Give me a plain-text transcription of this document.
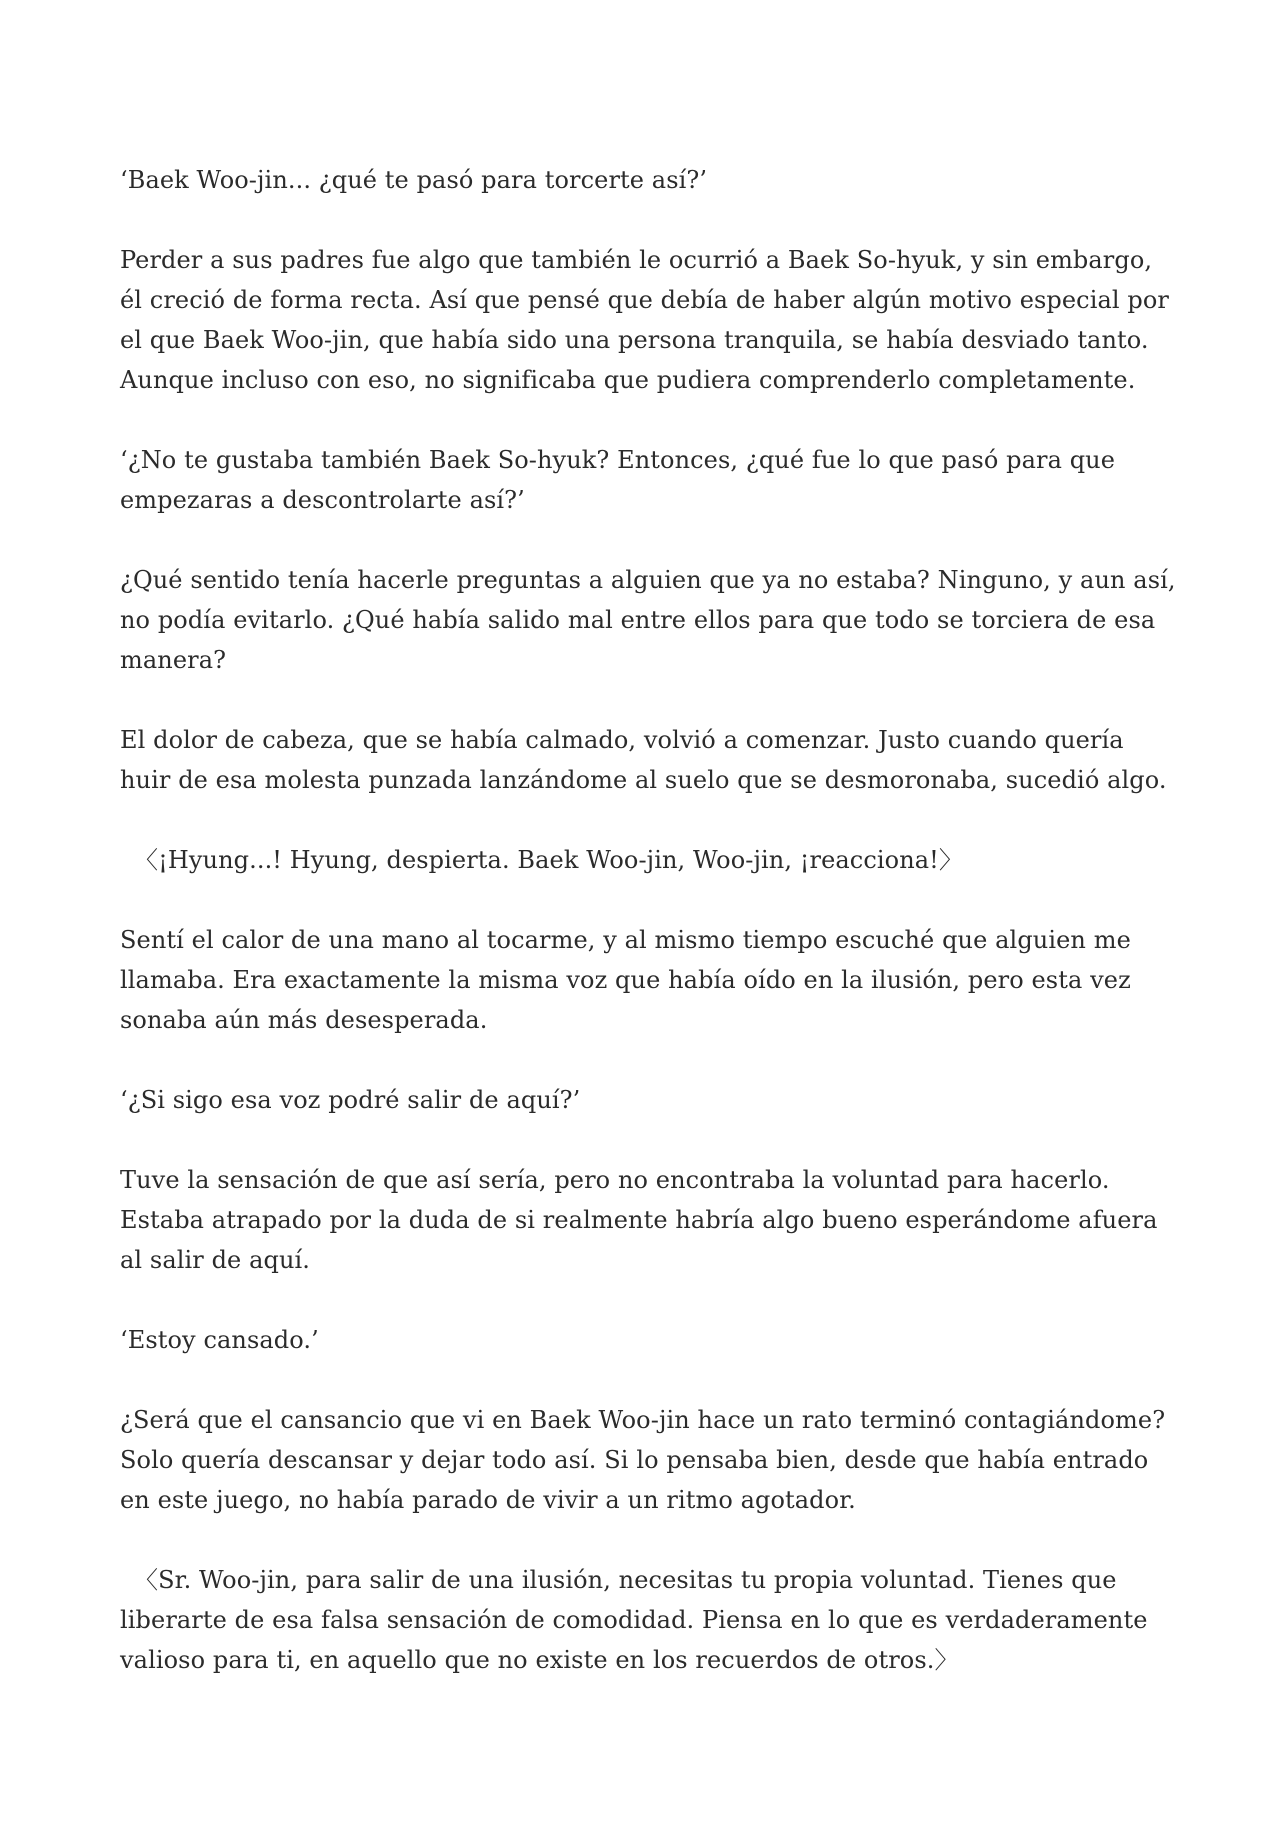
‘Baek Woo-jin... ¿qué te pasó para torcerte así?’

Perder a sus padres fue algo que también le ocurrió a Baek So-hyuk, y sin embargo, él creció de forma recta. Así que pensé que debía de haber algún motivo especial por el que Baek Woo-jin, que había sido una persona tranquila, se había desviado tanto. Aunque incluso con eso, no significaba que pudiera comprenderlo completamente.

‘¿No te gustaba también Baek So-hyuk? Entonces, ¿qué fue lo que pasó para que empezaras a descontrolarte así?’

¿Qué sentido tenía hacerle preguntas a alguien que ya no estaba? Ninguno, y aun así, no podía evitarlo. ¿Qué había salido mal entre ellos para que todo se torciera de esa manera?

El dolor de cabeza, que se había calmado, volvió a comenzar. Justo cuando quería huir de esa molesta punzada lanzándome al suelo que se desmoronaba, sucedió algo.

〈¡Hyung...! Hyung, despierta. Baek Woo-jin, Woo-jin, ¡reacciona!〉

Sentí el calor de una mano al tocarme, y al mismo tiempo escuché que alguien me llamaba. Era exactamente la misma voz que había oído en la ilusión, pero esta vez sonaba aún más desesperada.

‘¿Si sigo esa voz podré salir de aquí?’

Tuve la sensación de que así sería, pero no encontraba la voluntad para hacerlo. Estaba atrapado por la duda de si realmente habría algo bueno esperándome afuera al salir de aquí.

‘Estoy cansado.’

¿Será que el cansancio que vi en Baek Woo-jin hace un rato terminó contagiándome? Solo quería descansar y dejar todo así. Si lo pensaba bien, desde que había entrado en este juego, no había parado de vivir a un ritmo agotador.

〈Sr. Woo-jin, para salir de una ilusión, necesitas tu propia voluntad. Tienes que liberarte de esa falsa sensación de comodidad. Piensa en lo que es verdaderamente valioso para ti, en aquello que no existe en los recuerdos de otros.〉
